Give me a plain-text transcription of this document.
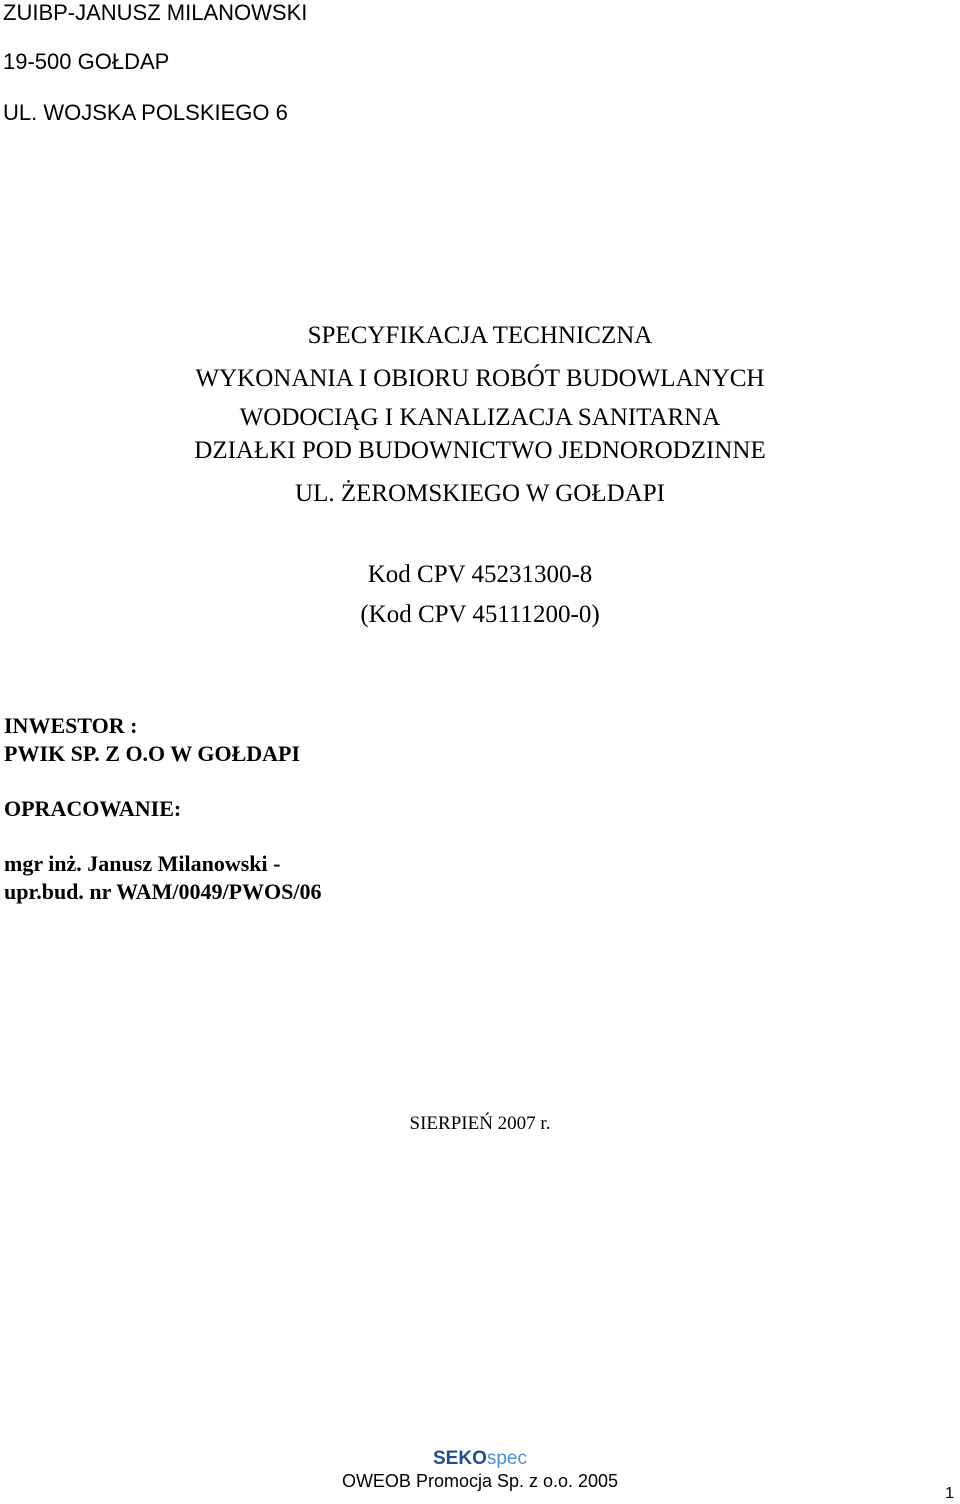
ZUIBP-JANUSZ MILANOWSKI
19-500 GOŁDAP
UL. WOJSKA POLSKIEGO 6
SPECYFIKACJA TECHNICZNA
WYKONANIA I OBIORU ROBÓT BUDOWLANYCH
WODOCIĄG I KANALIZACJA SANITARNA
DZIAŁKI POD BUDOWNICTWO JEDNORODZINNE
UL. ŻEROMSKIEGO W GOŁDAPI
Kod CPV 45231300-8
(Kod CPV 45111200-0)
INWESTOR :
PWIK SP. Z O.O W GOŁDAPI
OPRACOWANIE:
mgr inż. Janusz Milanowski -
upr.bud. nr WAM/0049/PWOS/06
SIERPIEŃ 2007 r.
SEKOspec
OWEOB Promocja Sp. z o.o. 2005
1
